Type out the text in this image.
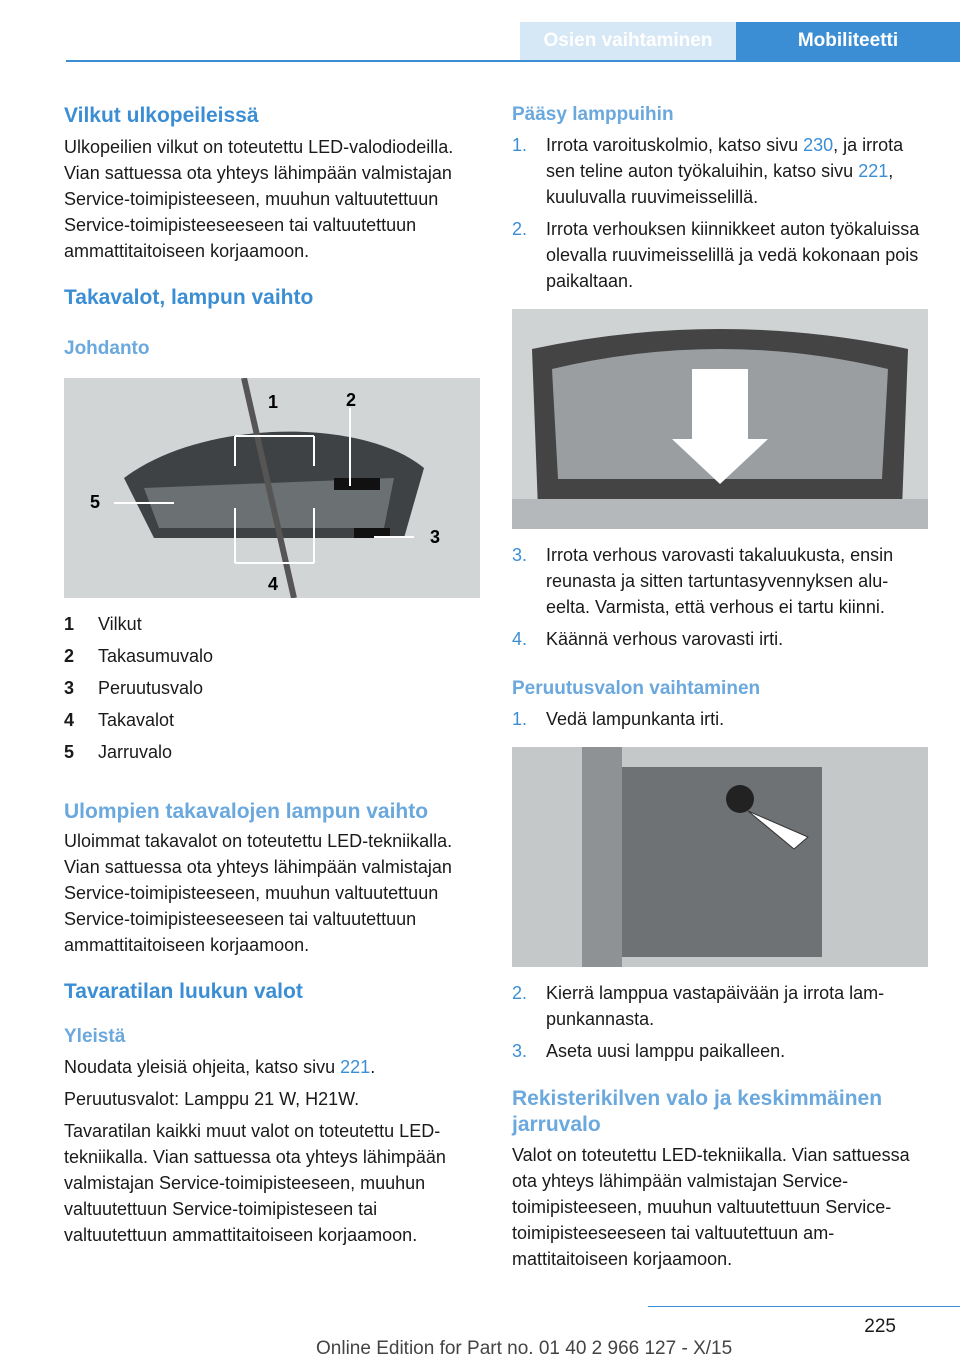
Osien vaihtaminen	Mobiliteetti
Vilkut ulkopeileissä

Ulkopeilien vilkut on toteutettu LED-valodiodeilla. Vian sattuessa ota yhteys lähimpään valmistajan Service-toimipisteeseen, muuhun valtuutettuun Service-toimipisteeseeseen tai valtuutettuun ammattitaitoiseen korjaamoon.

Takavalot, lampun vaihto
Johdanto
1	2
3
4
5
1	Vilkut
2	Takasumuvalo
3	Peruutusvalo
4	Takavalot
5	Jarruvalo
Ulompien takavalojen lampun vaihto

Uloimmat takavalot on toteutettu LED-tekniikalla. Vian sattuessa ota yhteys lähimpään valmistajan Service-toimipisteeseen, muuhun valtuutettuun Service-toimipisteeseeseen tai valtuutettuun ammattitaitoiseen korjaamoon.

Tavaratilan luukun valot
Yleistä

Noudata yleisiä ohjeita, katso sivu 221.

Peruutusvalot: Lamppu 21 W, H21W.

Tavaratilan kaikki muut valot on toteutettu LED-tekniikalla. Vian sattuessa ota yhteys lähimpään valmistajan Service-toimipisteeseen, muuhun valtuutettuun Service-toimipisteseen tai valtuutettuun ammattitaitoiseen korjaamoon.

Pääsy lamppuihin
1.	Irrota varoituskolmio, katso sivu 230, ja irrota sen teline auton työkaluihin, katso sivu 221, kuuluvalla ruuvimeisselillä.
2.	Irrota verhouksen kiinnikkeet auton työkaluissa olevalla ruuvimeisselillä ja vedä kokonaan pois paikaltaan.
3.	Irrota verhous varovasti takaluukusta, ensin reunasta ja sitten tartuntasyvennyksen alueelta. Varmista, että verhous ei tartu kiinni.
4.	Käännä verhous varovasti irti.
Peruutusvalon vaihtaminen
1.	Vedä lampunkanta irti.
2.	Kierrä lamppua vastapäivään ja irrota lampunkannasta.
3.	Aseta uusi lamppu paikalleen.
Rekisterikilven valo ja keskimmäinen jarruvalo

Valot on toteutettu LED-tekniikalla. Vian sattuessa ota yhteys lähimpään valmistajan Service-toimipisteeseen, muuhun valtuutettuun Service-toimipisteeseeseen tai valtuutettuun ammattitaitoiseen korjaamoon.

225
Online Edition for Part no. 01 40 2 966 127 - X/15
